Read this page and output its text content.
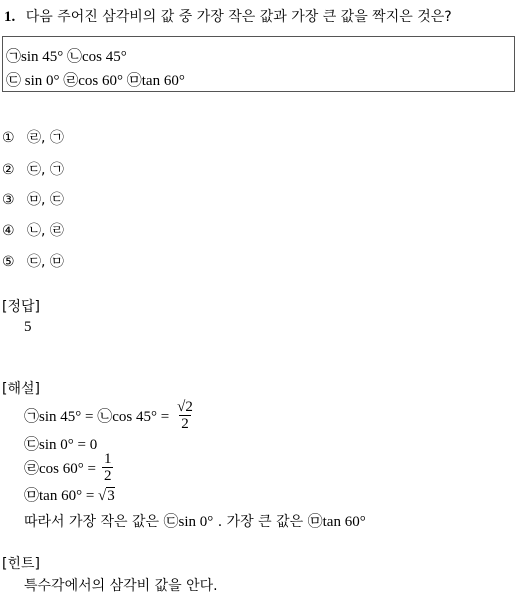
1. 다음 주어진 삼각비의 값 중 가장 작은 값과 가장 큰 값을 짝지은 것은?
㉠sin 45° ㉡cos 45°
㉢ sin 0° ㉣cos 60° ㉤tan 60°
① ㉣, ㉠
② ㉢, ㉠
③ ㉤, ㉢
④ ㉡, ㉣
⑤ ㉢, ㉤
[정답]
5
[해설]
㉠sin 45° = ㉡cos $45^\circ = \frac{√2}{2}$
㉢sin 0° = 0
㉣cos $60^\circ = \frac{1}{2}$
㉤tan 60° = √3
따라서 가장 작은 값은 ㉢sin 0° . 가장 큰 값은 ㉤tan 60°
[힌트]
특수각에서의 삼각비 값을 안다.
